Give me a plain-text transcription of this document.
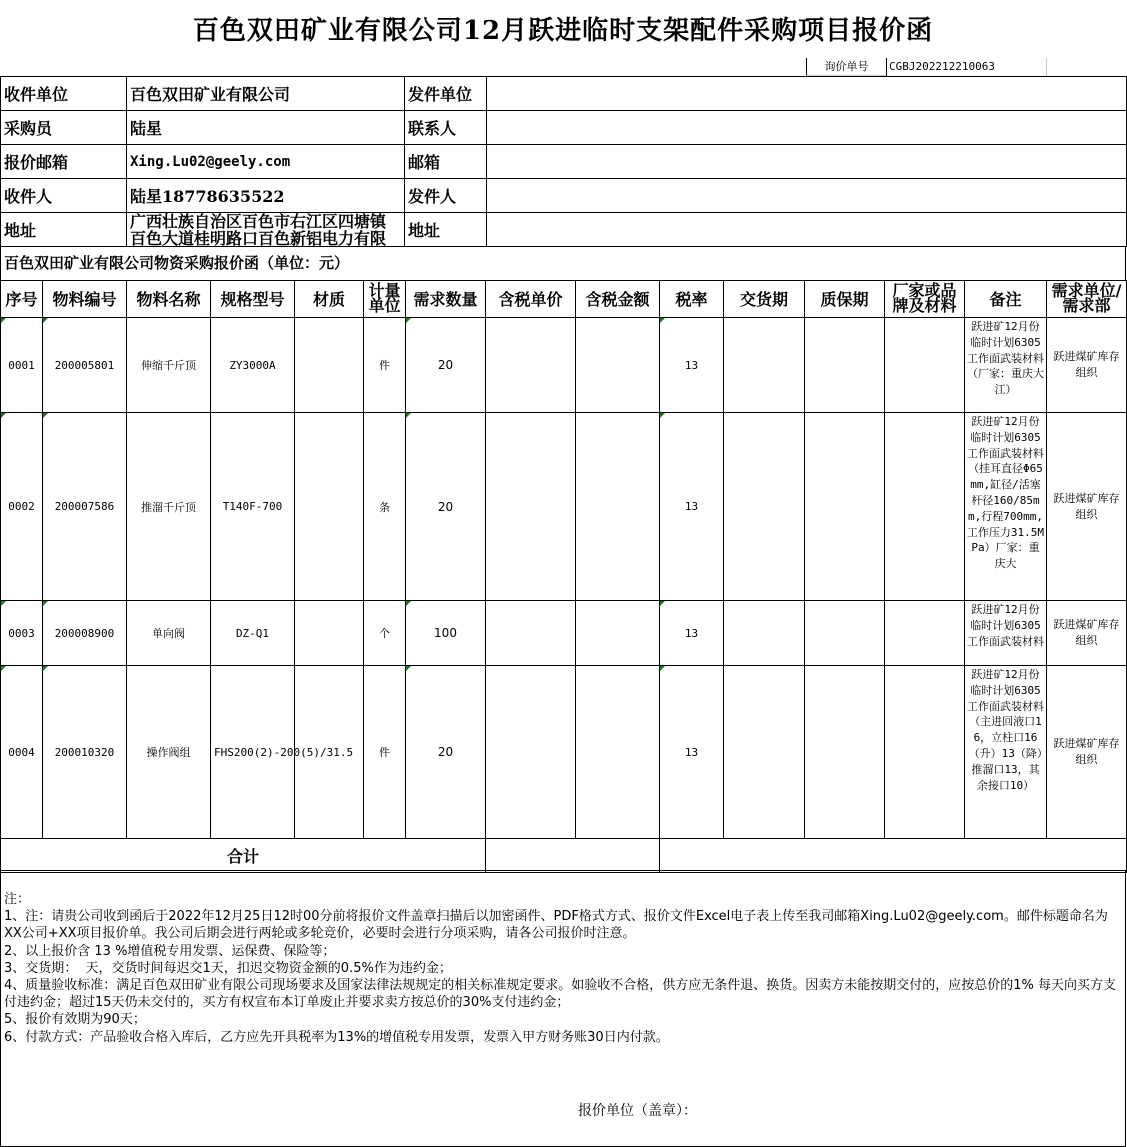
百色双田矿业有限公司12月跃进临时支架配件采购项目报价函
询价单号	CGBJ202212210063
收件单位	百色双田矿业有限公司	发件单位	
采购员	陆星	联系人	
报价邮箱	Xing.Lu02@geely.com	邮箱	
收件人	陆星18778635522	发件人	
地址	广西壮族自治区百色市右江区四塘镇百色大道桂明路口百色新铝电力有限	地址	
百色双田矿业有限公司物资采购报价函（单位：元）
序号	物料编号	物料名称	规格型号	材质	计量单位	需求数量	含税单价	含税金额	税率	交货期	质保期	厂家或品牌及材料	备注	需求单位/需求部

0001	200005801	伸缩千斤顶	ZY3000A		件	20			13				跃进矿12月份临时计划6305工作面武装材料（厂家：重庆大江）	跃进煤矿库存组织

0002	200007586	推溜千斤顶	T140F-700		条	20			13				跃进矿12月份临时计划6305工作面武装材料（挂耳直径Φ65mm,缸径/活塞杆径160/85mm,行程700mm,工作压力31.5MPa）厂家：重庆大	跃进煤矿库存组织

0003	200008900	单向阀	DZ-Q1		个	100			13				跃进矿12月份临时计划6305工作面武装材料	跃进煤矿库存组织

0004	200010320	操作阀组	FHS200(2)-200(5)/31.5		件	20			13				跃进矿12月份临时计划6305工作面武装材料（主进回液口16，立柱口16（升）13（降）推溜口13，其余接口10）	跃进煤矿库存组织
合计														
注：
1、注：请贵公司收到函后于2022年12月25日12时00分前将报价文件盖章扫描后以加密函件、PDF格式方式、报价文件Excel电子表上传至我司邮箱Xing.Lu02@geely.com。邮件标题命名为XX公司+XX项目报价单。我公司后期会进行两轮或多轮竞价，必要时会进行分项采购，请各公司报价时注意。
2、以上报价含 13 %增值税专用发票、运保费、保险等；
3、交货期：  天，交货时间每迟交1天，扣迟交物资金额的0.5%作为违约金；
4、质量验收标准：满足百色双田矿业有限公司现场要求及国家法律法规规定的相关标准规定要求。如验收不合格，供方应无条件退、换货。因卖方未能按期交付的，应按总价的1% 每天向买方支付违约金；超过15天仍未交付的，买方有权宣布本订单废止并要求卖方按总价的30%支付违约金；
5、报价有效期为90天；
6、付款方式：产品验收合格入库后，乙方应先开具税率为13%的增值税专用发票，发票入甲方财务账30日内付款。
报价单位（盖章）：
